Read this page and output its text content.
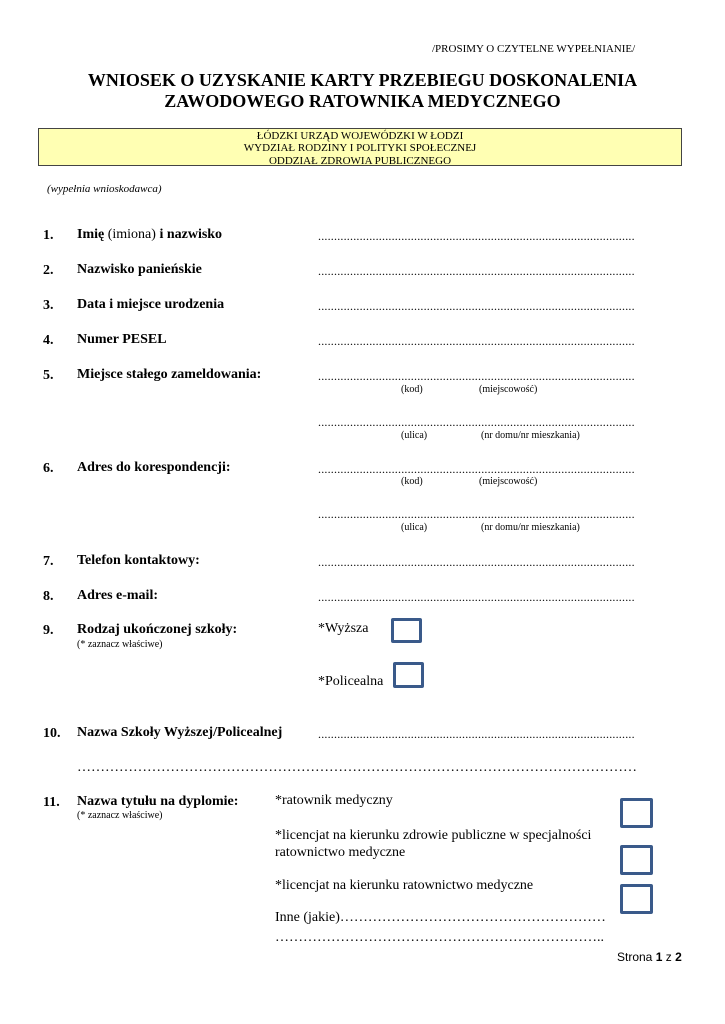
/PROSIMY O CZYTELNE WYPEŁNIANIE/
WNIOSEK O UZYSKANIE KARTY PRZEBIEGU DOSKONALENIA
ZAWODOWEGO RATOWNIKA MEDYCZNEGO
ŁÓDZKI URZĄD WOJEWÓDZKI W ŁODZI
WYDZIAŁ RODZINY I POLITYKI SPOŁECZNEJ
ODDZIAŁ ZDROWIA PUBLICZNEGO
(wypełnia wnioskodawca)
1. Imię (imiona) i nazwisko	...................................................................................................
2. Nazwisko panieńskie	...................................................................................................
3. Data i miejsce urodzenia	...................................................................................................
4. Numer PESEL	...................................................................................................
5. Miejsce stałego zameldowania:	...................................................................................................
(kod)	(miejscowość)
...................................................................................................
(ulica)	(nr domu/nr mieszkania)
6. Adres do korespondencji:	...................................................................................................
(kod)	(miejscowość)
...................................................................................................
(ulica)	(nr domu/nr mieszkania)
7. Telefon kontaktowy:	...................................................................................................
8. Adres e-mail:	...................................................................................................
9. Rodzaj ukończonej szkoły:
(* zaznacz właściwe)
*Wyższa
*Policealna
10. Nazwa Szkoły Wyższej/Policealnej	...................................................................................................
…………………………………………………………………………………………………………
11. Nazwa tytułu na dyplomie:
(* zaznacz właściwe)
*ratownik medyczny
*licencjat na kierunku zdrowie publiczne w specjalności
ratownictwo medyczne
*licencjat na kierunku ratownictwo medyczne
Inne (jakie)…………………………………………………
……………………………………………………………..
Strona 1 z 2
